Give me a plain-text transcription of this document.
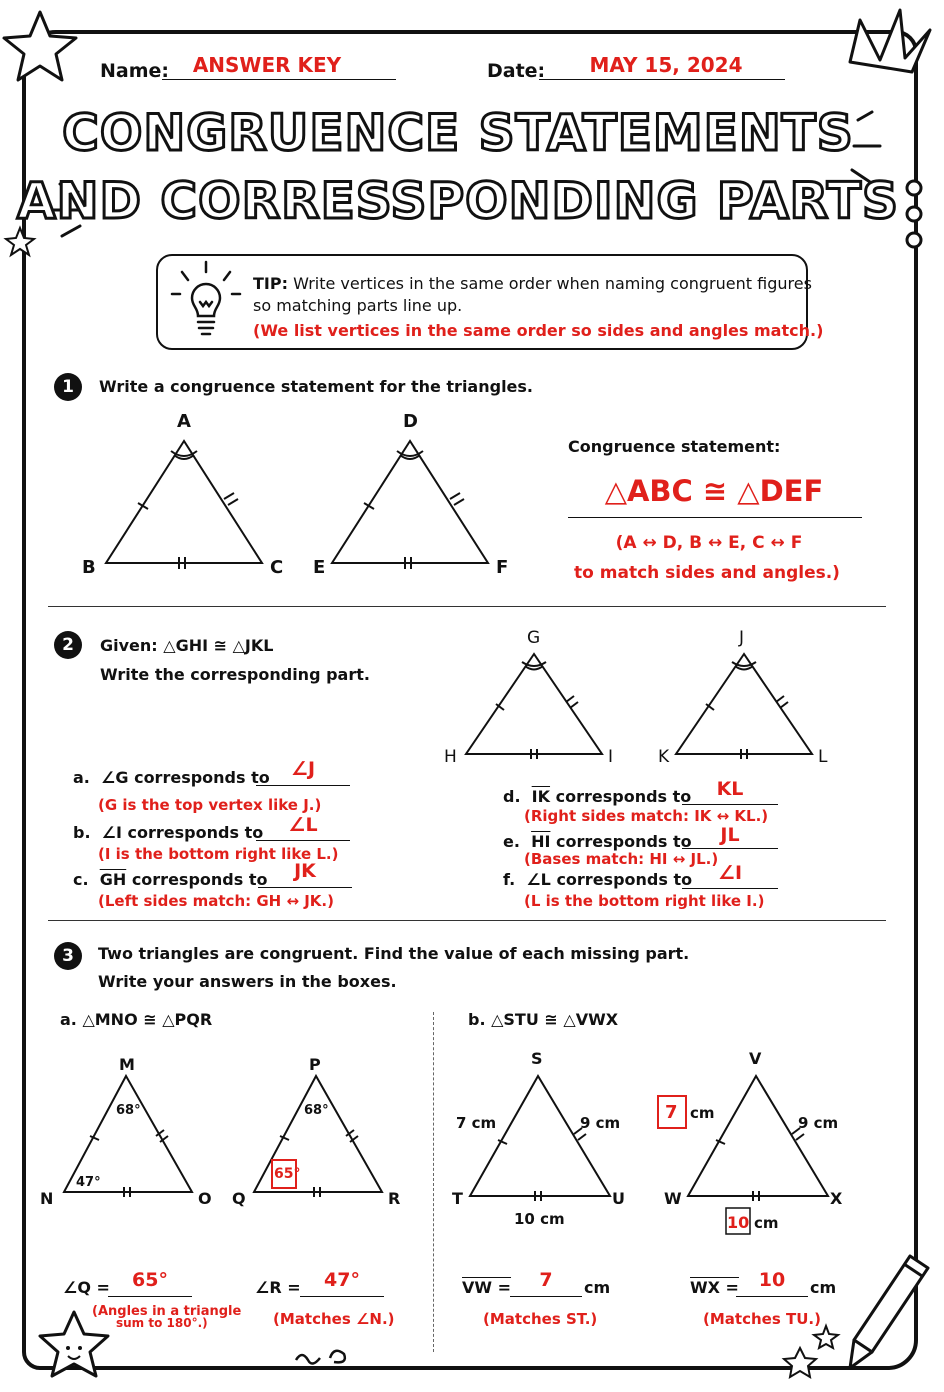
Name:	ANSWER KEY	Date:	MAY 15, 2024
CONGRUENCE STATEMENTS
AND CORRESSPONDING PARTS
TIP: Write vertices in the same order when naming congruent figures
so matching parts line up.
(We list vertices in the same order so sides and angles match.)
1	Write a congruence statement for the triangles.
A
B	C
D
E	F
Congruence statement:
△ABC ≅ △DEF
(A ↔ D, B ↔ E, C ↔ F
to match sides and angles.)
2	Given: △GHI ≅ △JKL
Write the corresponding part.
G
H	I
J
K	L
a. ∠G corresponds to	∠J
(G is the top vertex like J.)
b. ∠I corresponds to	∠L
(I is the bottom right like L.)
c. $\overline{GH}$ corresponds to	JK
(Left sides match: GH ↔ JK.)
d. $\overline{IK}$ corresponds to	KL
(Right sides match: IK ↔ KL.)
e. $\overline{HI}$ corresponds to	JL
(Bases match: HI ↔ JL.)
f. ∠L corresponds to	∠I
(L is the bottom right like I.)
3	Two triangles are congruent. Find the value of each missing part.
Write your answers in the boxes.
a. △MNO ≅ △PQR	b. △STU ≅ △VWX
M
N	O
P
Q	R
68°
47°
68°
65°
S
T	U
V
W	X
7 cm	9 cm
10 cm
cm
9 cm
cm
7
10
∠Q =	65°
(Angles in a triangle
sum to 180°.)
∠R =	47°
(Matches ∠N.)
VW =	7	cm
(Matches ST.)
WX =	10	cm
(Matches TU.)
